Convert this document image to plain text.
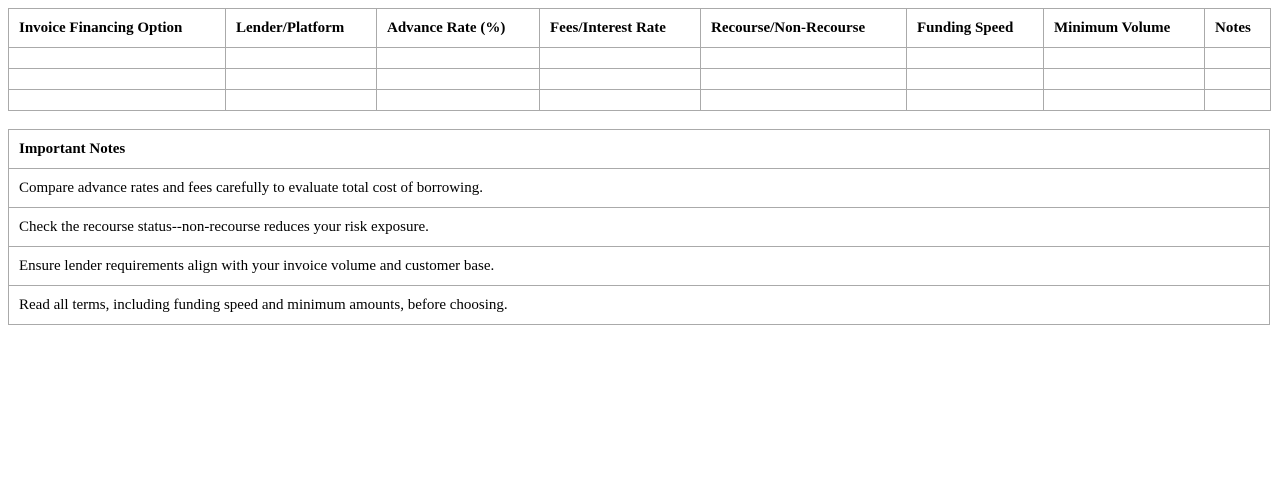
Invoice Financing Option	Lender/Platform	Advance Rate (%)	Fees/Interest Rate	Recourse/Non-Recourse	Funding Speed	Minimum Volume	Notes

Important Notes
Compare advance rates and fees carefully to evaluate total cost of borrowing.
Check the recourse status--non-recourse reduces your risk exposure.
Ensure lender requirements align with your invoice volume and customer base.
Read all terms, including funding speed and minimum amounts, before choosing.
